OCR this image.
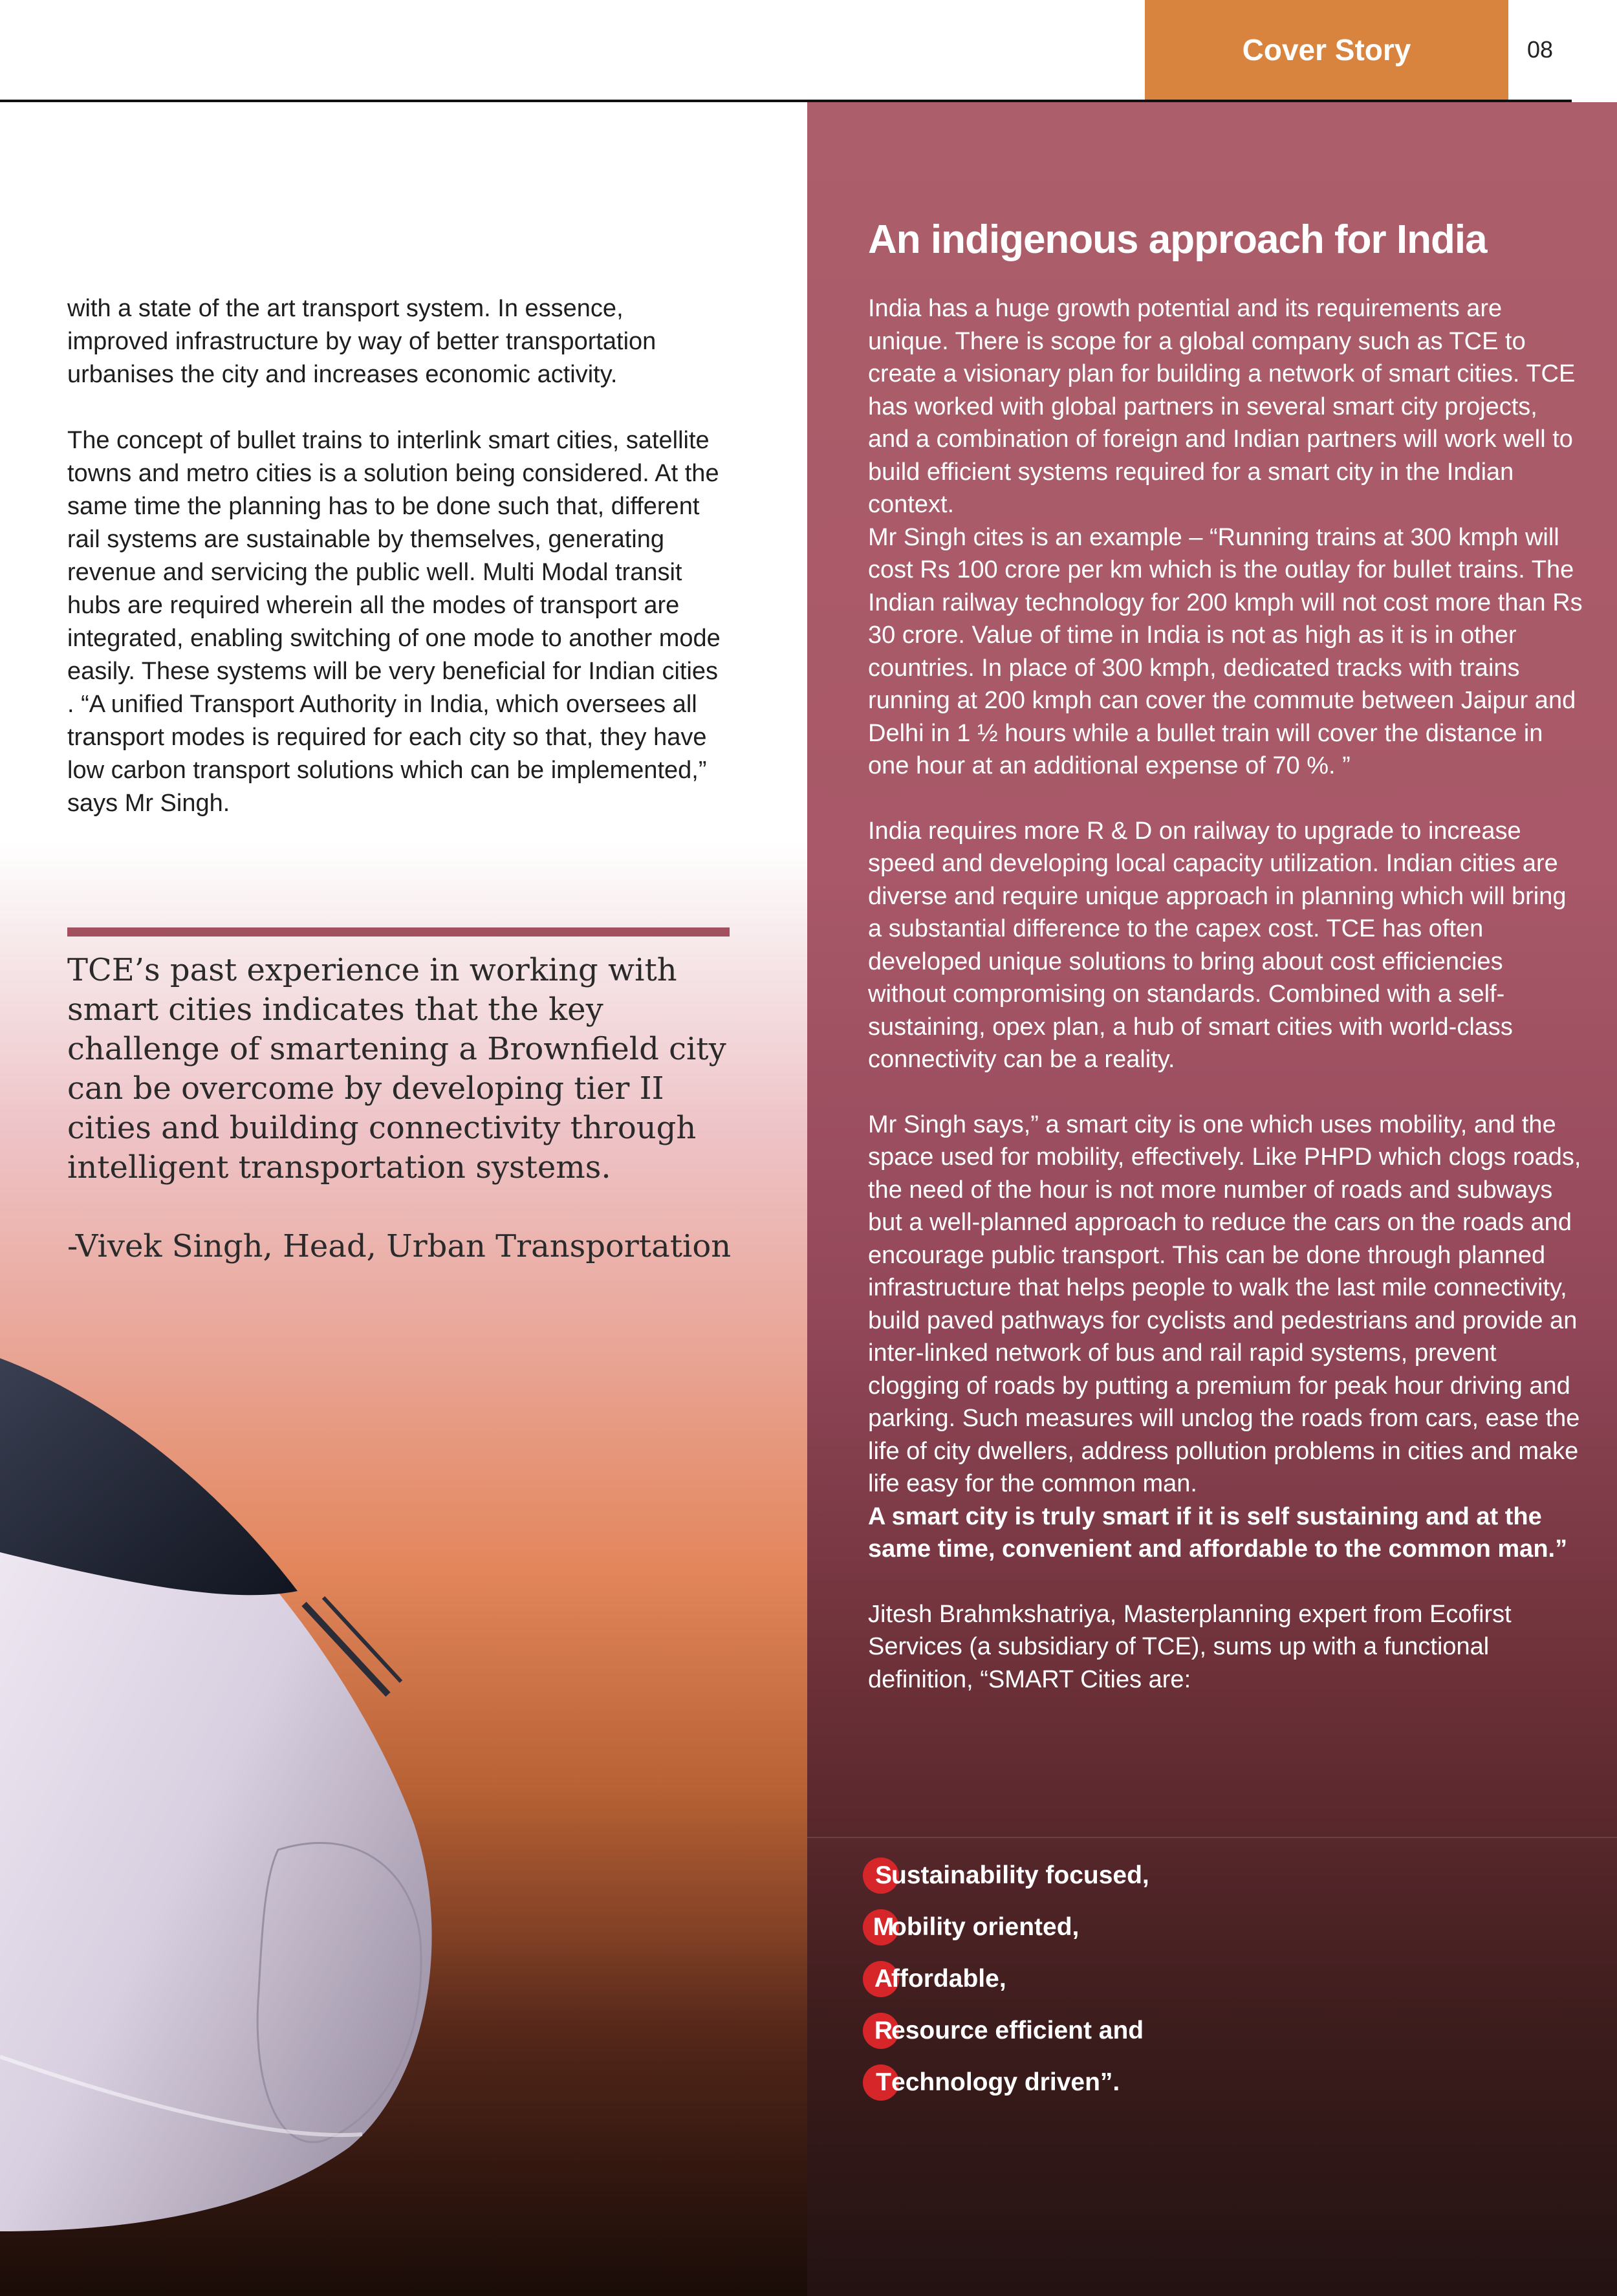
Cover Story	08

with a state of the art transport system. In essence, improved infrastructure by way of better transportation urbanises the city and increases economic activity.

The concept of bullet trains to interlink smart cities, satellite towns and metro cities is a solution being considered. At the same time the planning has to be done such that, different rail systems are sustainable by themselves, generating revenue and servicing the public well. Multi Modal transit hubs are required wherein all the modes of transport are integrated, enabling switching of one mode to another mode easily. These systems will be very beneficial for Indian cities . “A unified Transport Authority in India, which oversees all transport modes is required for each city so that, they have low carbon transport solutions which can be implemented,” says Mr Singh.

TCE’s past experience in working with smart cities indicates that the key challenge of smartening a Brownfield city can be overcome by developing tier II cities and building connectivity through intelligent transportation systems.

-Vivek Singh, Head, Urban Transportation

An indigenous approach for India

India has a huge growth potential and its requirements are unique. There is scope for a global company such as TCE to create a visionary plan for building a network of smart cities. TCE has worked with global partners in several smart city projects, and a combination of foreign and Indian partners will work well to build efficient systems required for a smart city in the Indian context.

Mr Singh cites is an example – “Running trains at 300 kmph will cost Rs 100 crore per km which is the outlay for bullet trains. The Indian railway technology for 200 kmph will not cost more than Rs 30 crore. Value of time in India is not as high as it is in other countries. In place of 300 kmph, dedicated tracks with trains running at 200 kmph can cover the commute between Jaipur and Delhi in 1 ½ hours while a bullet train will cover the distance in one hour at an additional expense of 70 %. ”

India requires more R & D on railway to upgrade to increase speed and developing local capacity utilization. Indian cities are diverse and require unique approach in planning which will bring a substantial difference to the capex cost. TCE has often developed unique solutions to bring about cost efficiencies without compromising on standards. Combined with a self-sustaining, opex plan, a hub of smart cities with world-class connectivity can be a reality.

Mr Singh says,” a smart city is one which uses mobility, and the space used for mobility, effectively. Like PHPD which clogs roads, the need of the hour is not more number of roads and subways but a well-planned approach to reduce the cars on the roads and encourage public transport. This can be done through planned infrastructure that helps people to walk the last mile connectivity, build paved pathways for cyclists and pedestrians and provide an inter-linked network of bus and rail rapid systems, prevent clogging of roads by putting a premium for peak hour driving and parking. Such measures will unclog the roads from cars, ease the life of city dwellers, address pollution problems in cities and make life easy for the common man.

A smart city is truly smart if it is self sustaining and at the same time, convenient and affordable to the common man.”

Jitesh Brahmkshatriya, Masterplanning expert from Ecofirst Services (a subsidiary of TCE), sums up with a functional definition, “SMART Cities are:

S ustainability focused,
M
obility oriented,
A
ffordable,
R
esource efficient and
T echnology driven”.
